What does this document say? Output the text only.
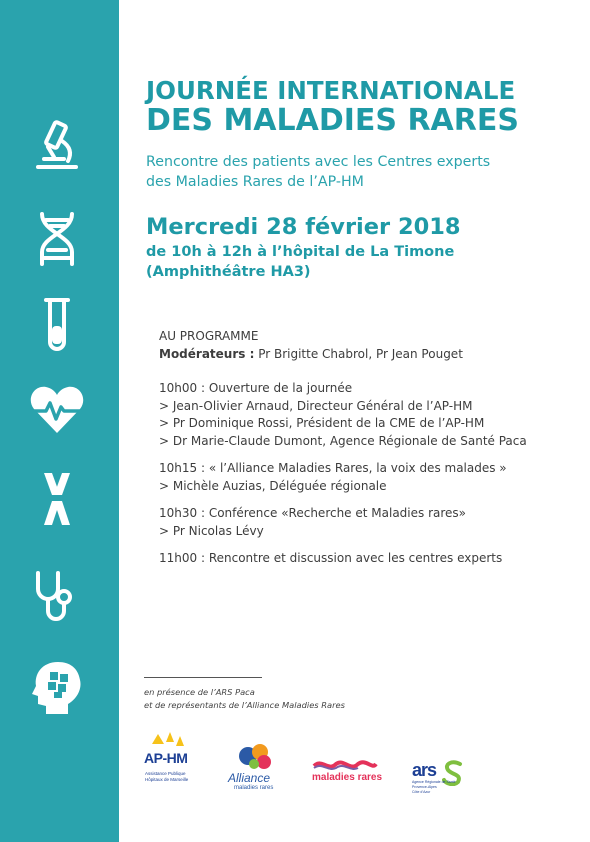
JOURNÉE INTERNATIONALE
DES MALADIES RARES
Rencontre des patients avec les Centres experts
des Maladies Rares de l’AP-HM
Mercredi 28 février 2018
de 10h à 12h à l’hôpital de La Timone
(Amphithéâtre HA3)
AU PROGRAMME
Modérateurs : Pr Brigitte Chabrol, Pr Jean Pouget
10h00 : Ouverture de la journée
> Jean-Olivier Arnaud, Directeur Général de l’AP-HM
> Pr Dominique Rossi, Président de la CME de l’AP-HM
> Dr Marie-Claude Dumont, Agence Régionale de Santé Paca
10h15 : « l’Alliance Maladies Rares, la voix des malades »
> Michèle Auzias, Déléguée régionale
10h30 : Conférence «Recherche et Maladies rares»
> Pr Nicolas Lévy
11h00 : Rencontre et discussion avec les centres experts
en présence de l’ARS Paca
et de représentants de l’Alliance Maladies Rares
AP-HM
Assistance Publique
Hôpitaux de Marseille	Alliance
maladies rares
maladies rares ars
Agence Régionale de Santé
Provence-Alpes
Côte d’Azur
